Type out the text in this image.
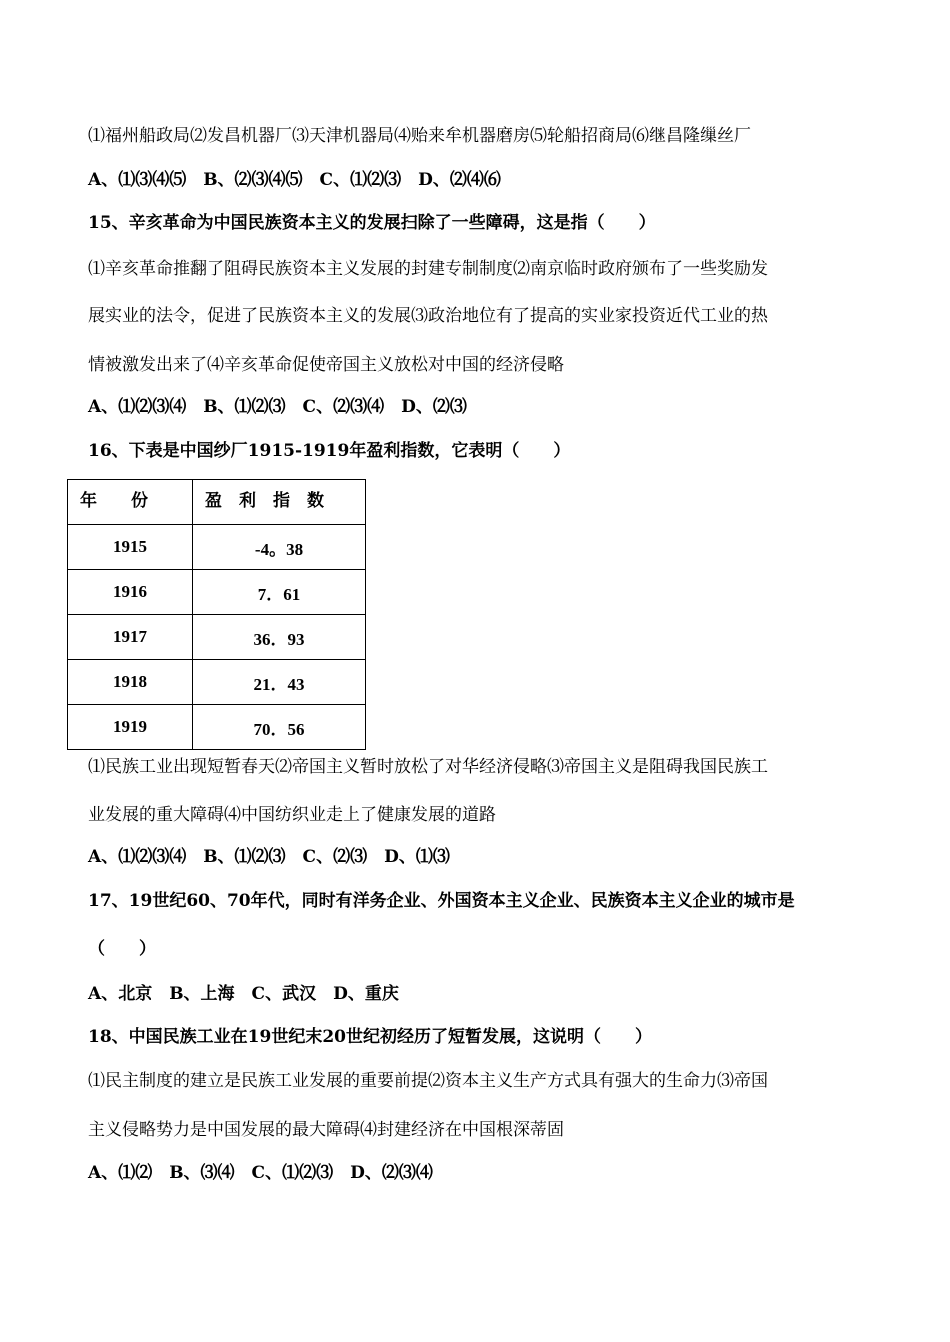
⑴福州船政局⑵发昌机器厂⑶天津机器局⑷贻来牟机器磨房⑸轮船招商局⑹继昌隆缫丝厂
A、⑴⑶⑷⑸　B、⑵⑶⑷⑸　C、⑴⑵⑶　D、⑵⑷⑹
15、辛亥革命为中国民族资本主义的发展扫除了一些障碍，这是指（　　）
⑴辛亥革命推翻了阻碍民族资本主义发展的封建专制制度⑵南京临时政府颁布了一些奖励发
展实业的法令，促进了民族资本主义的发展⑶政治地位有了提高的实业家投资近代工业的热
情被激发出来了⑷辛亥革命促使帝国主义放松对中国的经济侵略
A、⑴⑵⑶⑷　B、⑴⑵⑶　C、⑵⑶⑷　D、⑵⑶
16、下表是中国纱厂1915-1919年盈利指数，它表明（　　）
年　　份	盈　利　指　数
1915	-4。38
1916	7．61
1917	36．93
1918	21．43
1919	70．56
⑴民族工业出现短暂春天⑵帝国主义暂时放松了对华经济侵略⑶帝国主义是阻碍我国民族工
业发展的重大障碍⑷中国纺织业走上了健康发展的道路
A、⑴⑵⑶⑷　B、⑴⑵⑶　C、⑵⑶　D、⑴⑶
17、19世纪60、70年代，同时有洋务企业、外国资本主义企业、民族资本主义企业的城市是
（　　）
A、北京　B、上海　C、武汉　D、重庆
18、中国民族工业在19世纪末20世纪初经历了短暂发展，这说明（　　）
⑴民主制度的建立是民族工业发展的重要前提⑵资本主义生产方式具有强大的生命力⑶帝国
主义侵略势力是中国发展的最大障碍⑷封建经济在中国根深蒂固
A、⑴⑵　B、⑶⑷　C、⑴⑵⑶　D、⑵⑶⑷
